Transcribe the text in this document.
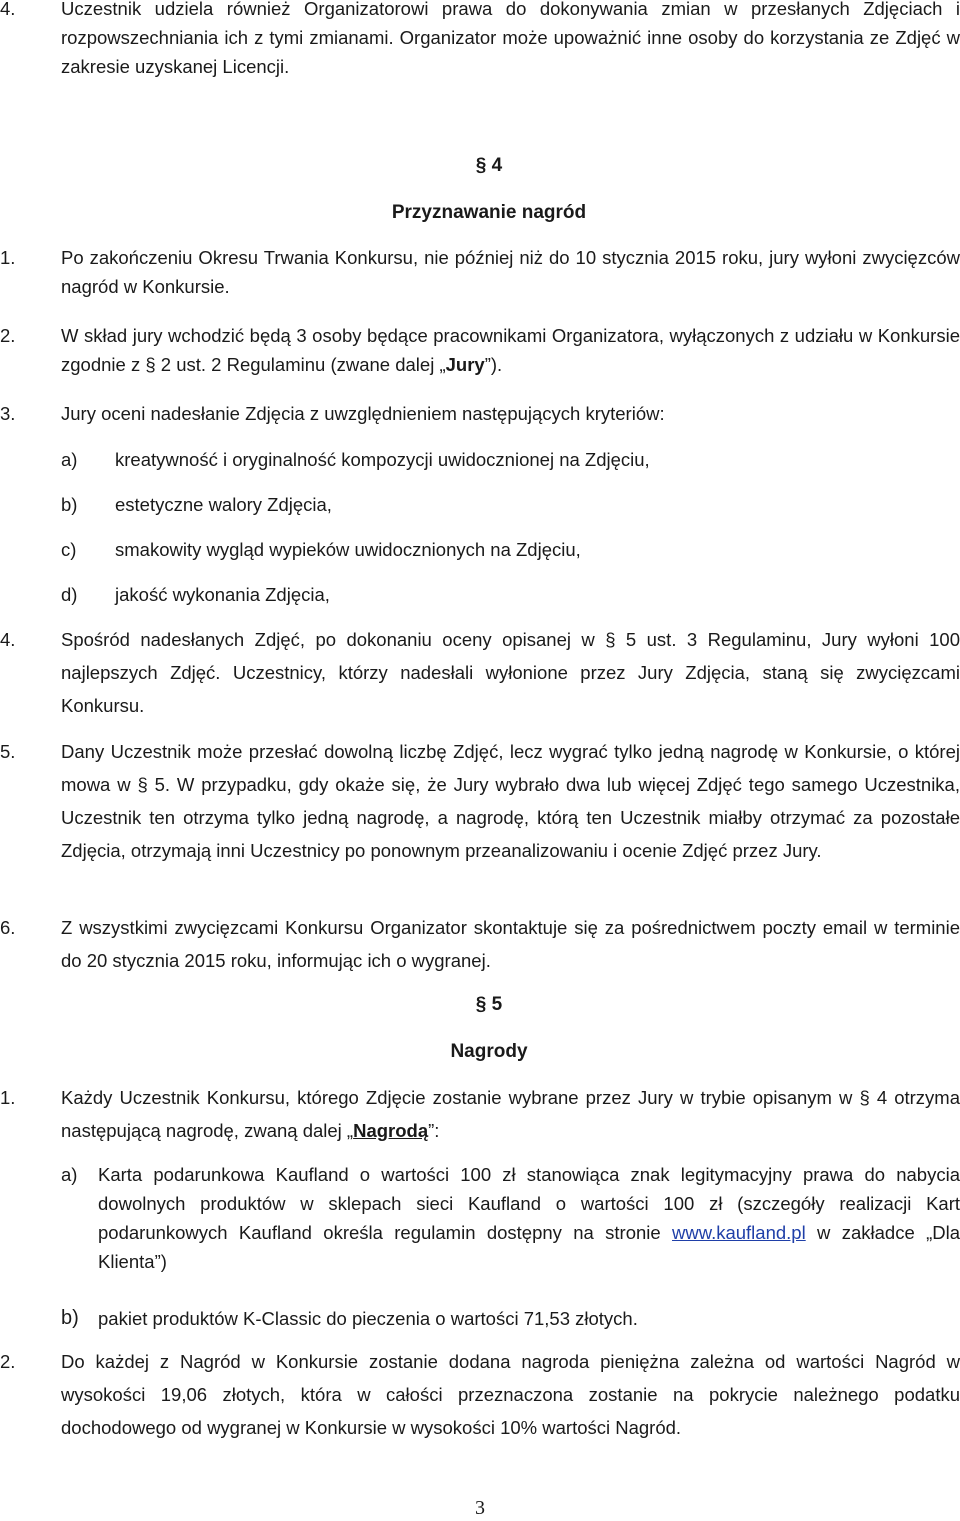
4. Uczestnik udziela również Organizatorowi prawa do dokonywania zmian w przesłanych Zdjęciach i rozpowszechniania ich z tymi zmianami. Organizator może upoważnić inne osoby do korzystania ze Zdjęć w zakresie uzyskanej Licencji.
§ 4
Przyznawanie nagród
1. Po zakończeniu Okresu Trwania Konkursu, nie później niż do 10 stycznia 2015 roku, jury wyłoni zwycięzców nagród w Konkursie.
2. W skład jury wchodzić będą 3 osoby będące pracownikami Organizatora, wyłączonych z udziału w Konkursie zgodnie z § 2 ust. 2 Regulaminu (zwane dalej „Jury”).
3. Jury oceni nadesłanie Zdjęcia z uwzględnieniem następujących kryteriów:
a) kreatywność i oryginalność kompozycji uwidocznionej na Zdjęciu,
b) estetyczne walory Zdjęcia,
c) smakowity wygląd wypieków uwidocznionych na Zdjęciu,
d) jakość wykonania Zdjęcia,
4. Spośród nadesłanych Zdjęć, po dokonaniu oceny opisanej w § 5 ust. 3 Regulaminu, Jury wyłoni 100 najlepszych Zdjęć. Uczestnicy, którzy nadesłali wyłonione przez Jury Zdjęcia, staną się zwycięzcami Konkursu.
5. Dany Uczestnik może przesłać dowolną liczbę Zdjęć, lecz wygrać tylko jedną nagrodę w Konkursie, o której mowa w § 5. W przypadku, gdy okaże się, że Jury wybrało dwa lub więcej Zdjęć tego samego Uczestnika, Uczestnik ten otrzyma tylko jedną nagrodę, a nagrodę, którą ten Uczestnik miałby otrzymać za pozostałe Zdjęcia, otrzymają inni Uczestnicy po ponownym przeanalizowaniu i ocenie Zdjęć przez Jury.
6. Z wszystkimi zwycięzcami Konkursu Organizator skontaktuje się za pośrednictwem poczty email w terminie do 20 stycznia 2015 roku, informując ich o wygranej.
§ 5
Nagrody
1. Każdy Uczestnik Konkursu, którego Zdjęcie zostanie wybrane przez Jury w trybie opisanym w § 4 otrzyma następującą nagrodę, zwaną dalej „Nagrodą”:
a) Karta podarunkowa Kaufland o wartości 100 zł stanowiąca znak legitymacyjny prawa do nabycia dowolnych produktów w sklepach sieci Kaufland o wartości 100 zł (szczegóły realizacji Kart podarunkowych Kaufland określa regulamin dostępny na stronie www.kaufland.pl w zakładce „Dla Klienta”)
b) pakiet produktów K-Classic do pieczenia o wartości 71,53 złotych.
2. Do każdej z Nagród w Konkursie zostanie dodana nagroda pieniężna zależna od wartości Nagród w wysokości 19,06 złotych, która w całości przeznaczona zostanie na pokrycie należnego podatku dochodowego od wygranej w Konkursie w wysokości 10% wartości Nagród.
3
